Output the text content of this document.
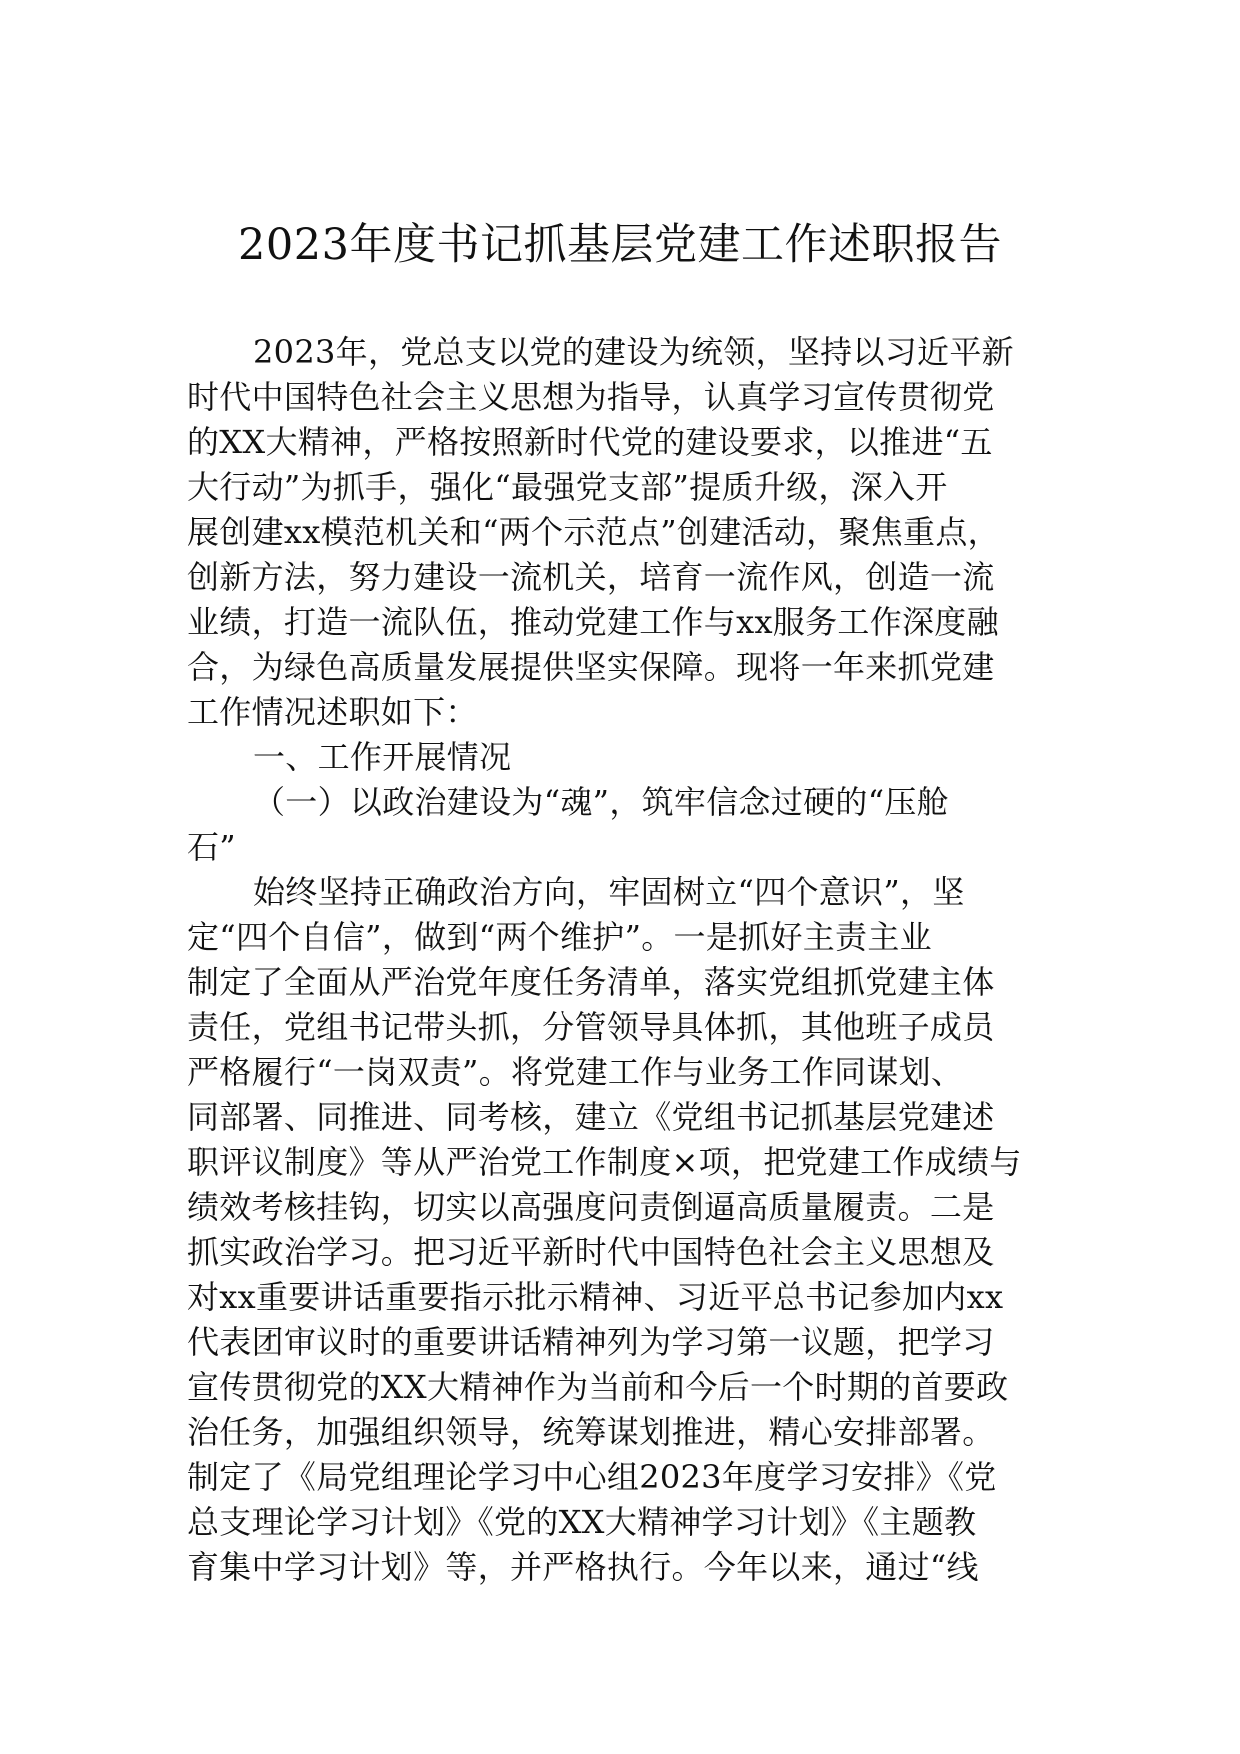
2023年度书记抓基层党建工作述职报告
2023年，党总支以党的建设为统领，坚持以习近平新
时代中国特色社会主义思想为指导，认真学习宣传贯彻党
的XX大精神，严格按照新时代党的建设要求，以推进“五
大行动”为抓手，强化“最强党支部”提质升级，深入开
展创建xx模范机关和“两个示范点”创建活动，聚焦重点，
创新方法，努力建设一流机关，培育一流作风，创造一流
业绩，打造一流队伍，推动党建工作与xx服务工作深度融
合，为绿色高质量发展提供坚实保障。现将一年来抓党建
工作情况述职如下：
一、工作开展情况
（一）以政治建设为“魂”，筑牢信念过硬的“压舱
石”
始终坚持正确政治方向，牢固树立“四个意识”，坚
定“四个自信”，做到“两个维护”。一是抓好主责主业
制定了全面从严治党年度任务清单，落实党组抓党建主体
责任，党组书记带头抓，分管领导具体抓，其他班子成员
严格履行“一岗双责”。将党建工作与业务工作同谋划、
同部署、同推进、同考核，建立《党组书记抓基层党建述
职评议制度》等从严治党工作制度×项，把党建工作成绩与
绩效考核挂钩，切实以高强度问责倒逼高质量履责。二是
抓实政治学习。把习近平新时代中国特色社会主义思想及
对xx重要讲话重要指示批示精神、习近平总书记参加内xx
代表团审议时的重要讲话精神列为学习第一议题，把学习
宣传贯彻党的XX大精神作为当前和今后一个时期的首要政
治任务，加强组织领导，统筹谋划推进，精心安排部署。
制定了《局党组理论学习中心组2023年度学习安排》《党
总支理论学习计划》《党的XX大精神学习计划》《主题教
育集中学习计划》等，并严格执行。今年以来，通过“线
